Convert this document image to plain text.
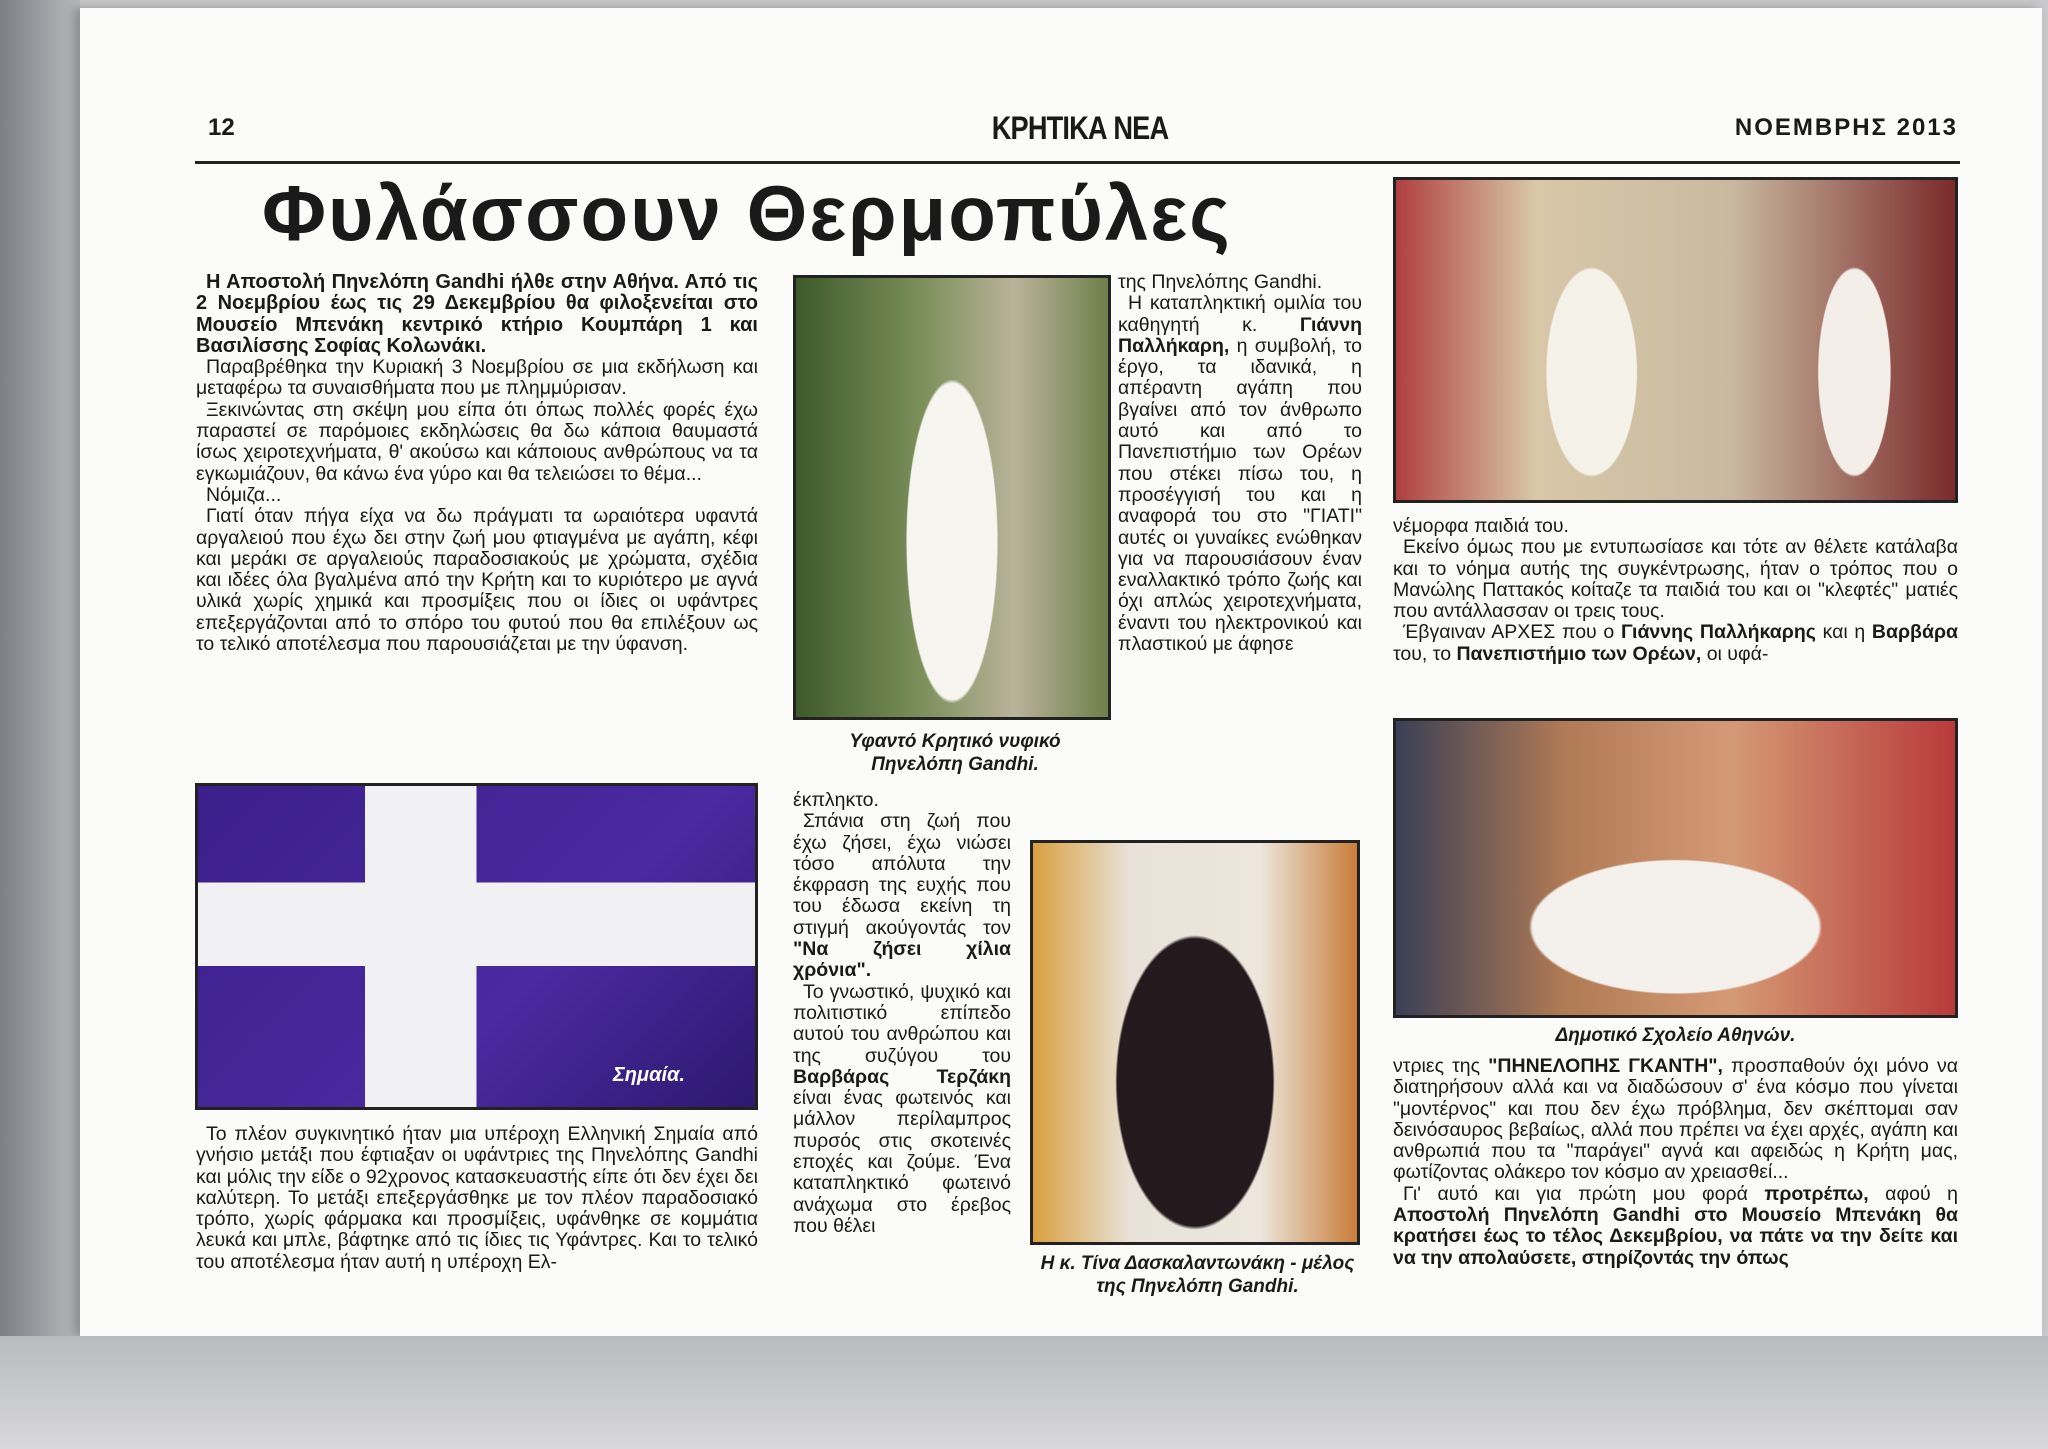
12	ΚΡΗΤΙΚΑ ΝΕΑ	ΝΟΕΜΒΡΗΣ 2013
Φυλάσσουν Θερμοπύλες

Η Αποστολή Πηνελόπη Gandhi ήλθε στην Αθήνα. Από τις 2 Νοεμβρίου έως τις 29 Δεκεμβρίου θα φιλοξενείται στο Μουσείο Μπενάκη κεντρικό κτήριο Κουμπάρη 1 και Βασιλίσσης Σοφίας Κολωνάκι.

Παραβρέθηκα την Κυριακή 3 Νοεμβρίου σε μια εκδήλωση και μεταφέρω τα συναισθήματα που με πλημμύρισαν.

Ξεκινώντας στη σκέψη μου είπα ότι όπως πολλές φορές έχω παραστεί σε παρόμοιες εκδηλώσεις θα δω κάποια θαυμαστά ίσως χειροτεχνήματα, θ' ακούσω και κάποιους ανθρώπους να τα εγκωμιάζουν, θα κάνω ένα γύρο και θα τελειώσει το θέμα...

Νόμιζα...

Γιατί όταν πήγα είχα να δω πράγματι τα ωραιότερα υφαντά αργαλειού που έχω δει στην ζωή μου φτιαγμένα με αγάπη, κέφι και μεράκι σε αργαλειούς παραδοσιακούς με χρώματα, σχέδια και ιδέες όλα βγαλμένα από την Κρήτη και το κυριότερο με αγνά υλικά χωρίς χημικά και προσμίξεις που οι ίδιες οι υφάντρες επεξεργάζονται από το σπόρο του φυτού που θα επιλέξουν ως το τελικό αποτέλεσμα που παρουσιάζεται με την ύφανση.

Σημαία.

Το πλέον συγκινητικό ήταν μια υπέροχη Ελληνική Σημαία από γνήσιο μετάξι που έφτιαξαν οι υφάντριες της Πηνελόπης Gandhi και μόλις την είδε ο 92χρονος κατασκευαστής είπε ότι δεν έχει δει καλύτερη. Το μετάξι επεξεργάσθηκε με τον πλέον παραδοσιακό τρόπο, χωρίς φάρμακα και προσμίξεις, υφάνθηκε σε κομμάτια λευκά και μπλε, βάφτηκε από τις ίδιες τις Υφάντρες. Και το τελικό του αποτέλεσμα ήταν αυτή η υπέροχη Ελ-

Υφαντό Κρητικό νυφικό Πηνελόπη Gandhi.

έκπληκτο.

Σπάνια στη ζωή που έχω ζήσει, έχω νιώσει τόσο απόλυτα την έκφραση της ευχής που του έδωσα εκείνη τη στιγμή ακούγοντάς τον "Να ζήσει χίλια χρόνια".

Το γνωστικό, ψυχικό και πολιτιστικό επίπεδο αυτού του ανθρώπου και της συζύγου του Βαρβάρας Τερζάκη είναι ένας φωτεινός και μάλλον περίλαμπρος πυρσός στις σκοτεινές εποχές και ζούμε. Ένα καταπληκτικό φωτεινό ανάχωμα στο έρεβος που θέλει

της Πηνελόπης Gandhi.

Η καταπληκτική ομιλία του καθηγητή κ. Γιάννη Παλλήκαρη, η συμβολή, το έργο, τα ιδανικά, η απέραντη αγάπη που βγαίνει από τον άνθρωπο αυτό και από το Πανεπιστήμιο των Ορέων που στέκει πίσω του, η προσέγγισή του και η αναφορά του στο "ΓΙΑΤΙ" αυτές οι γυναίκες ενώθηκαν για να παρουσιάσουν έναν εναλλακτικό τρόπο ζωής και όχι απλώς χειροτεχνήματα, έναντι του ηλεκτρονικού και πλαστικού με άφησε

Η κ. Τίνα Δασκαλαντωνάκη - μέλος της Πηνελόπη Gandhi.

νέμορφα παιδιά του.

Εκείνο όμως που με εντυπωσίασε και τότε αν θέλετε κατάλαβα και το νόημα αυτής της συγκέντρωσης, ήταν ο τρόπος που ο Μανώλης Παττακός κοίταζε τα παιδιά του και οι "κλεφτές" ματιές που αντάλλασσαν οι τρεις τους.

Έβγαιναν ΑΡΧΕΣ που ο Γιάννης Παλλήκαρης και η Βαρβάρα του, το Πανεπιστήμιο των Ορέων, οι υφά-

Δημοτικό Σχολείο Αθηνών.

ντριες της "ΠΗΝΕΛΟΠΗΣ ΓΚΑΝΤΗ", προσπαθούν όχι μόνο να διατηρήσουν αλλά και να διαδώσουν σ' ένα κόσμο που γίνεται "μοντέρνος" και που δεν έχω πρόβλημα, δεν σκέπτομαι σαν δεινόσαυρος βεβαίως, αλλά που πρέπει να έχει αρχές, αγάπη και ανθρωπιά που τα "παράγει" αγνά και αφειδώς η Κρήτη μας, φωτίζοντας ολάκερο τον κόσμο αν χρειασθεί...

Γι' αυτό και για πρώτη μου φορά προτρέπω, αφού η Αποστολή Πηνελόπη Gandhi στο Μουσείο Μπενάκη θα κρατήσει έως το τέλος Δεκεμβρίου, να πάτε να την δείτε και να την απολαύσετε, στηρίζοντάς την όπως
